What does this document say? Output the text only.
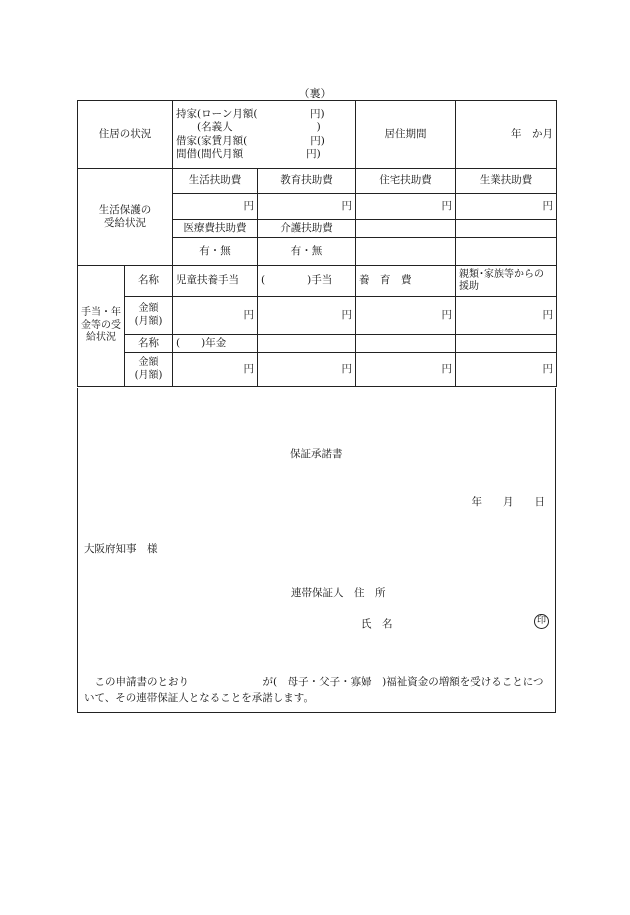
（裏）
住居の状況		持家(ローン月額(　　　　　円)
　　(名義人　　　　　　　　)
借家(家賃月額(　　　　　　円)
間借(間代月額　　　　　　円)		居住期間	年　か月

生活保護の
受給状況		生活扶助費	教育扶助費	住宅扶助費	生業扶助費
		円	円	円	円
		医療費扶助費	介護扶助費		
		有・無	有・無		
手当・年金等の受給状況	名称	児童扶養手当	(　　　　)手当	養　育　費	親類･家族等からの援助

	金額
(月額)	円	円	円	円
	名称	(　　)年金			

	金額
(月額)	円	円	円	円
保証承諾書
年　　月　　日
大阪府知事　様
連帯保証人　住　所
氏　名	印
　この申請書のとおり　　　　　　　が(　母子・父子・寡婦　)福祉資金の増額を受けることについて、その連帯保証人となることを承諾します。
